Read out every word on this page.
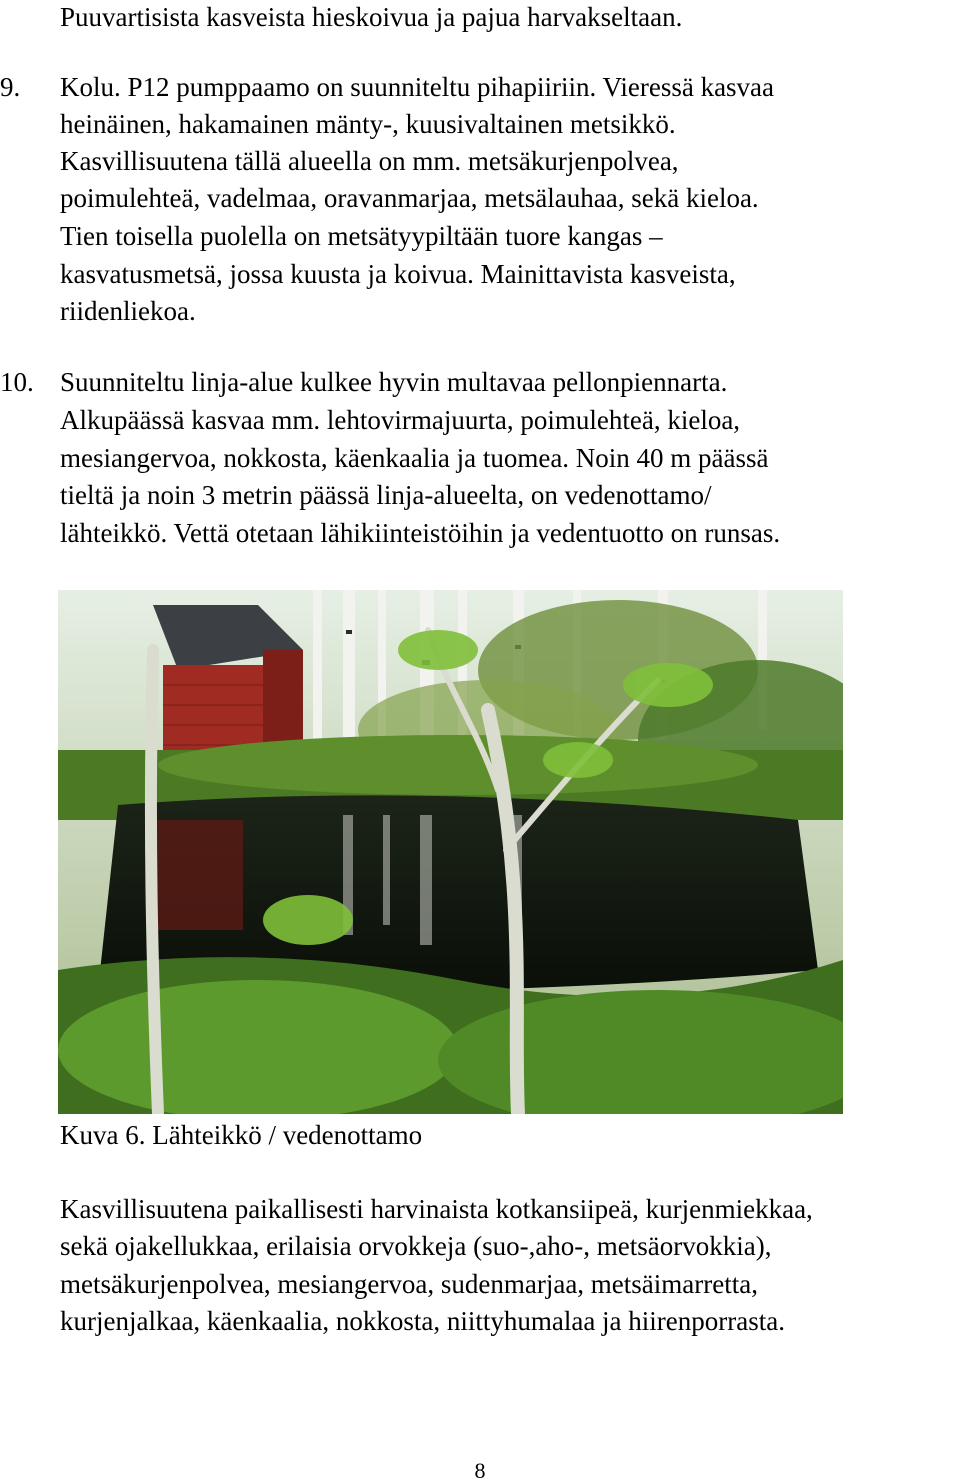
Puuvartisista kasveista hieskoivua ja pajua harvakseltaan.
9. Kolu. P12 pumppaamo on suunniteltu pihapiiriin. Vieressä kasvaa
heinäinen, hakamainen mänty-, kuusivaltainen metsikkö.
Kasvillisuutena tällä alueella on mm. metsäkurjenpolvea,
poimulehteä, vadelmaa, oravanmarjaa, metsälauhaa, sekä kieloa.
Tien toisella puolella on metsätyypiltään tuore kangas –
kasvatusmetsä, jossa kuusta ja koivua. Mainittavista kasveista,
riidenliekoa.
10. Suunniteltu linja-alue kulkee hyvin multavaa pellonpiennarta.
Alkupäässä kasvaa mm. lehtovirmajuurta, poimulehteä, kieloa,
mesiangervoa, nokkosta, käenkaalia ja tuomea. Noin 40 m päässä
tieltä ja noin 3 metrin päässä linja-alueelta, on vedenottamo/
lähteikkö. Vettä otetaan lähikiinteistöihin ja vedentuotto on runsas.
Kuva 6. Lähteikkö / vedenottamo
Kasvillisuutena paikallisesti harvinaista kotkansiipeä, kurjenmiekkaa,
sekä ojakellukkaa, erilaisia orvokkeja (suo-,aho-, metsäorvokkia),
metsäkurjenpolvea, mesiangervoa, sudenmarjaa, metsäimarretta,
kurjenjalkaa, käenkaalia, nokkosta, niittyhumalaa ja hiirenporrasta.
8
